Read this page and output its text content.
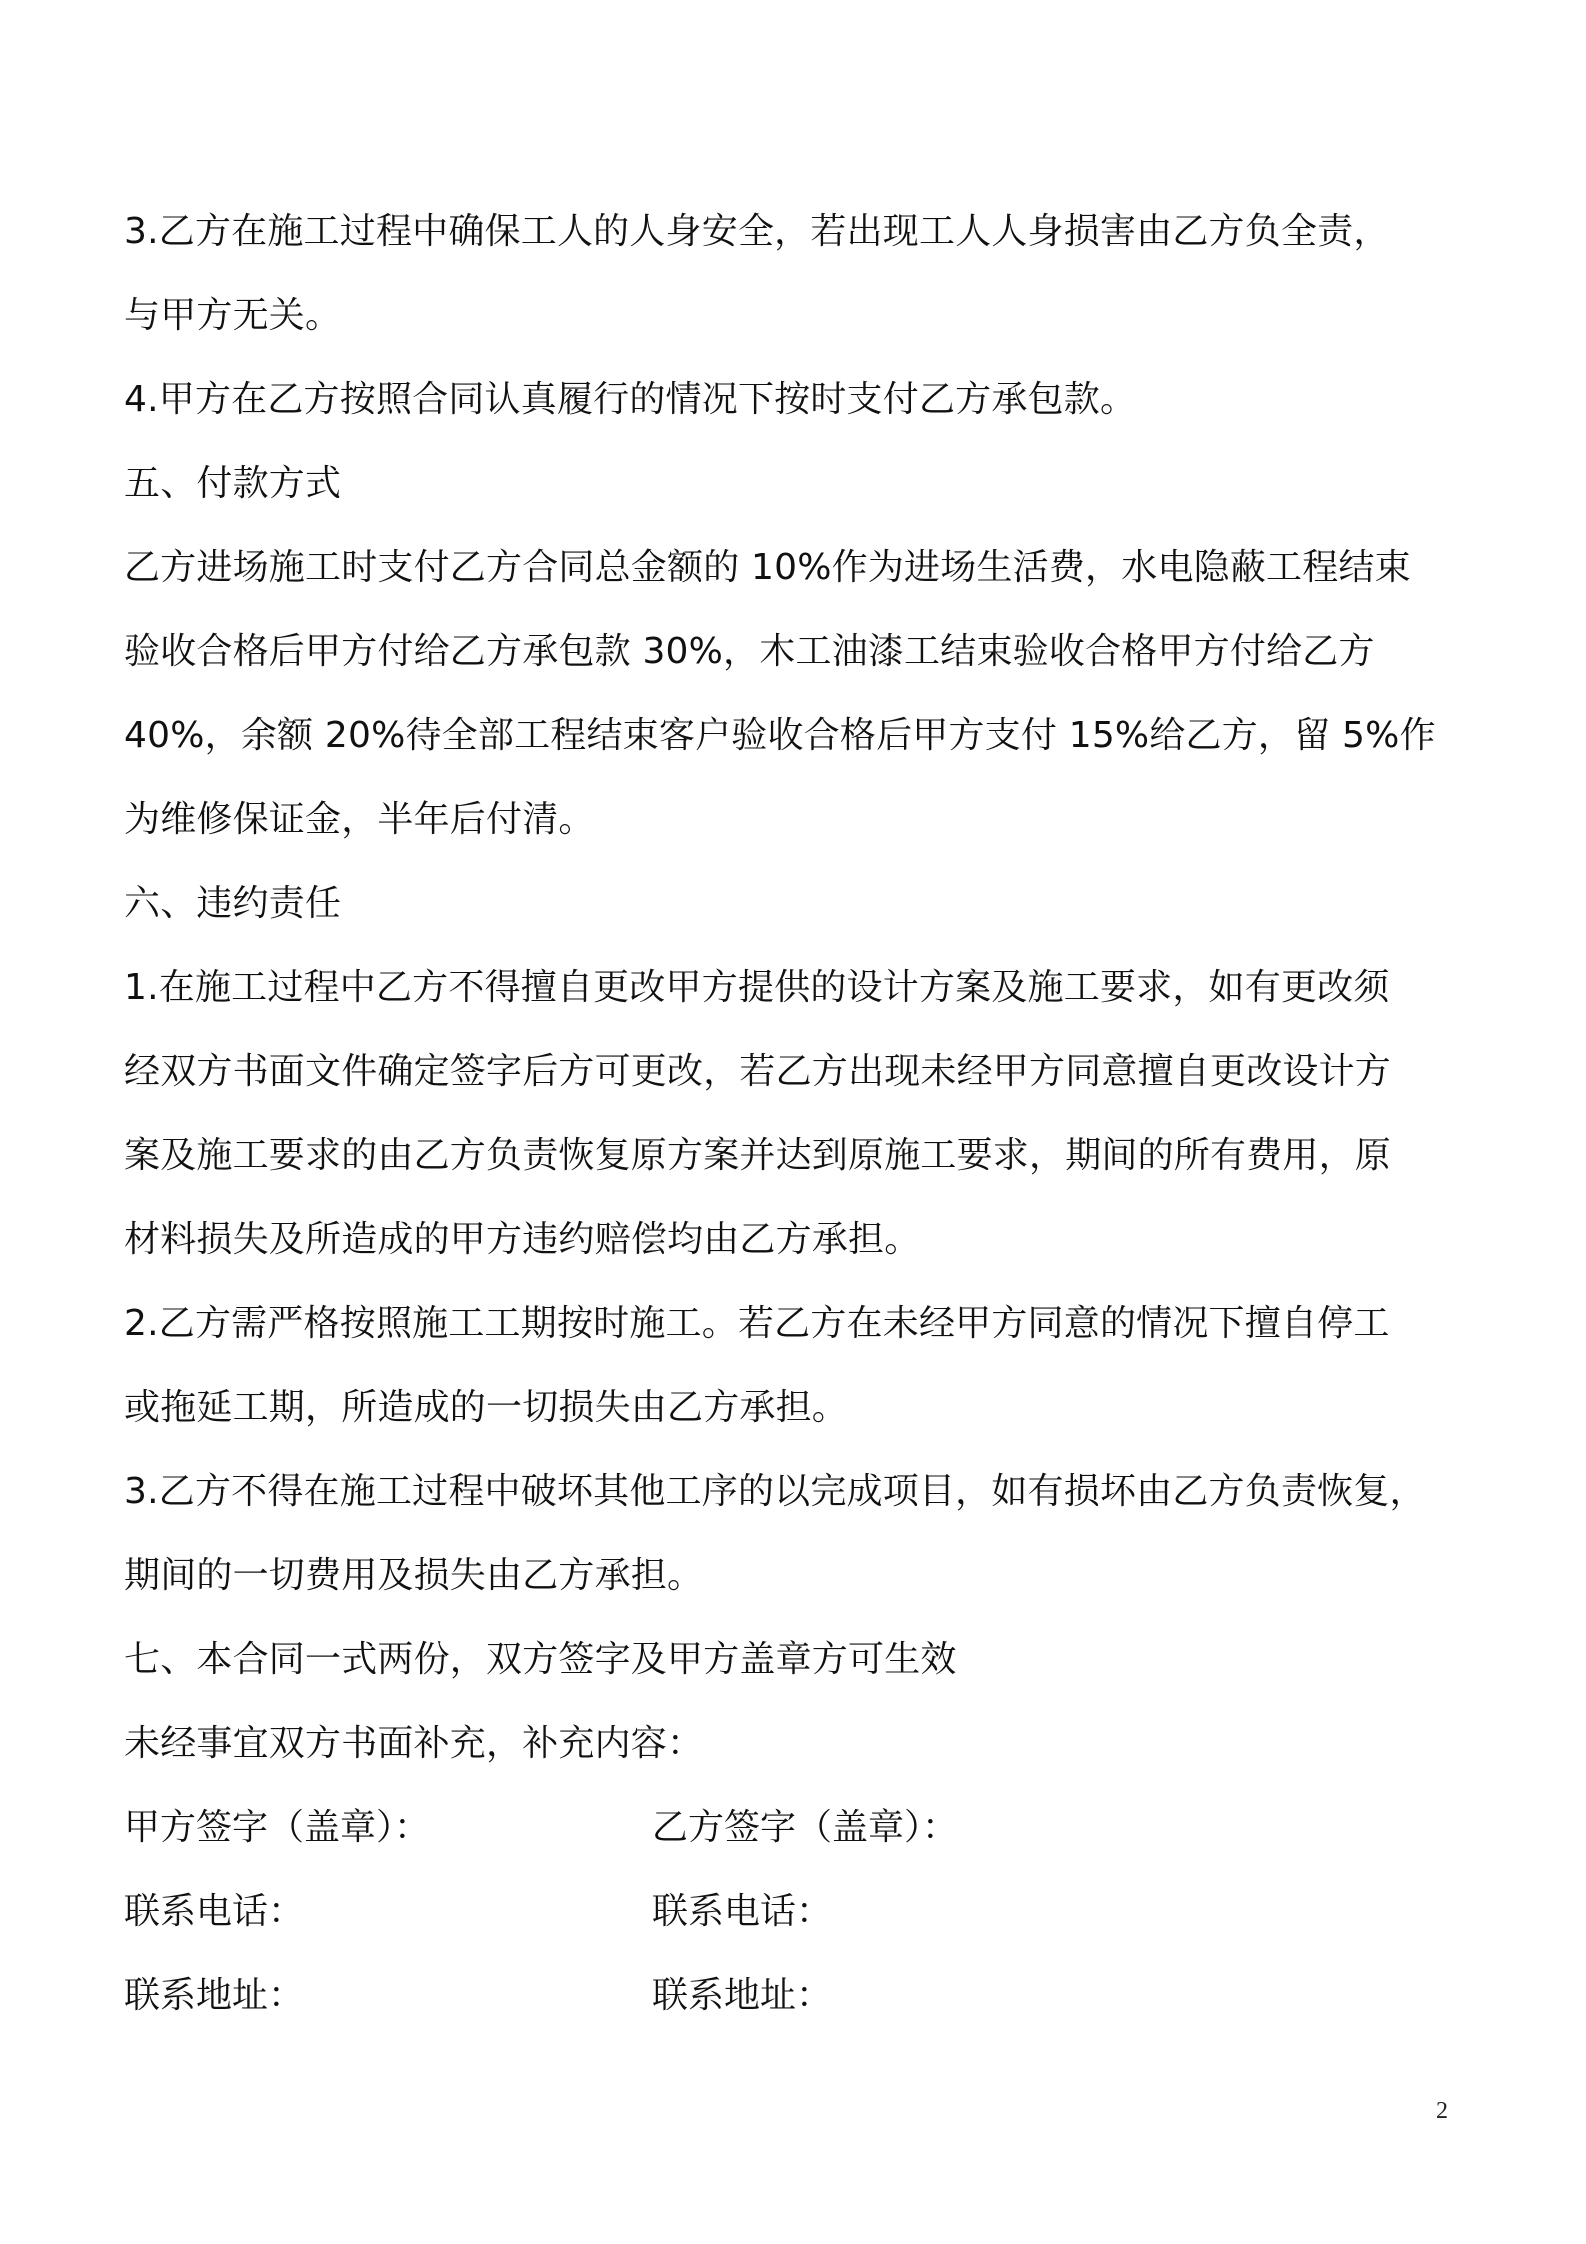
3.乙方在施工过程中确保工人的人身安全，若出现工人人身损害由乙方负全责，
与甲方无关。
4.甲方在乙方按照合同认真履行的情况下按时支付乙方承包款。
五、付款方式
乙方进场施工时支付乙方合同总金额的 10%作为进场生活费，水电隐蔽工程结束
验收合格后甲方付给乙方承包款 30%，木工油漆工结束验收合格甲方付给乙方
40%，余额 20%待全部工程结束客户验收合格后甲方支付 15%给乙方，留 5%作
为维修保证金，半年后付清。
六、违约责任
1.在施工过程中乙方不得擅自更改甲方提供的设计方案及施工要求，如有更改须
经双方书面文件确定签字后方可更改，若乙方出现未经甲方同意擅自更改设计方
案及施工要求的由乙方负责恢复原方案并达到原施工要求，期间的所有费用，原
材料损失及所造成的甲方违约赔偿均由乙方承担。
2.乙方需严格按照施工工期按时施工。若乙方在未经甲方同意的情况下擅自停工
或拖延工期，所造成的一切损失由乙方承担。
3.乙方不得在施工过程中破坏其他工序的以完成项目，如有损坏由乙方负责恢复，
期间的一切费用及损失由乙方承担。
七、本合同一式两份，双方签字及甲方盖章方可生效
未经事宜双方书面补充，补充内容：
甲方签字（盖章）：	乙方签字（盖章）：
联系电话：	联系电话：
联系地址：	联系地址：
2
